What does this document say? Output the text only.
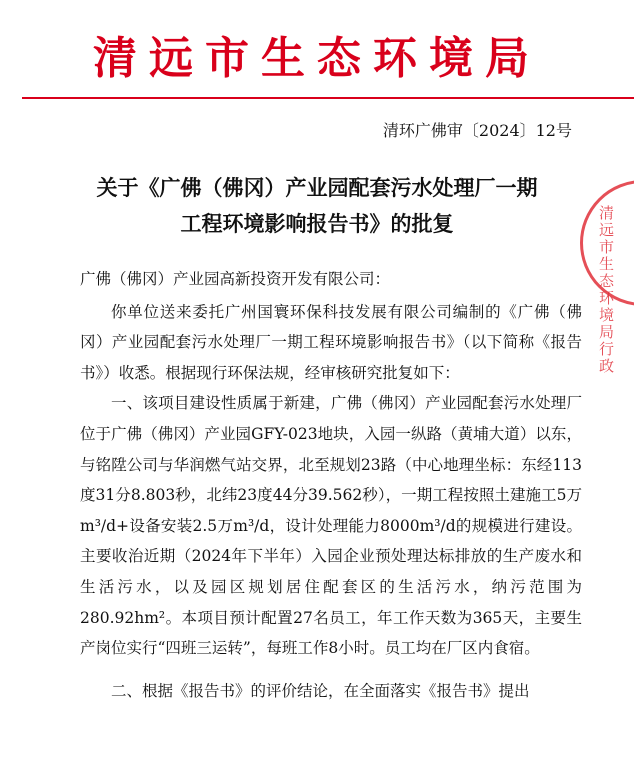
清远市生态环境局
清环广佛审〔2024〕12号
关于《广佛（佛冈）产业园配套污水处理厂一期
工程环境影响报告书》的批复

广佛（佛冈）产业园高新投资开发有限公司：

你单位送来委托广州国寰环保科技发展有限公司编制的《广佛（佛冈）产业园配套污水处理厂一期工程环境影响报告书》（以下简称《报告书》）收悉。根据现行环保法规，经审核研究批复如下：

一、该项目建设性质属于新建，广佛（佛冈）产业园配套污水处理厂位于广佛（佛冈）产业园GFY-023地块，入园一纵路（黄埔大道）以东，与铭陞公司与华润燃气站交界，北至规划23路（中心地理坐标：东经113度31分8.803秒，北纬23度44分39.562秒），一期工程按照土建施工5万m³/d+设备安装2.5万m³/d，设计处理能力8000m³/d的规模进行建设。主要收治近期（2024年下半年）入园企业预处理达标排放的生产废水和生活污水，以及园区规划居住配套区的生活污水，纳污范围为280.92hm²。本项目预计配置27名员工，年工作天数为365天，主要生产岗位实行“四班三运转”，每班工作8小时。员工均在厂区内食宿。

二、根据《报告书》的评价结论，在全面落实《报告书》提出

清远市生态环境局行政
